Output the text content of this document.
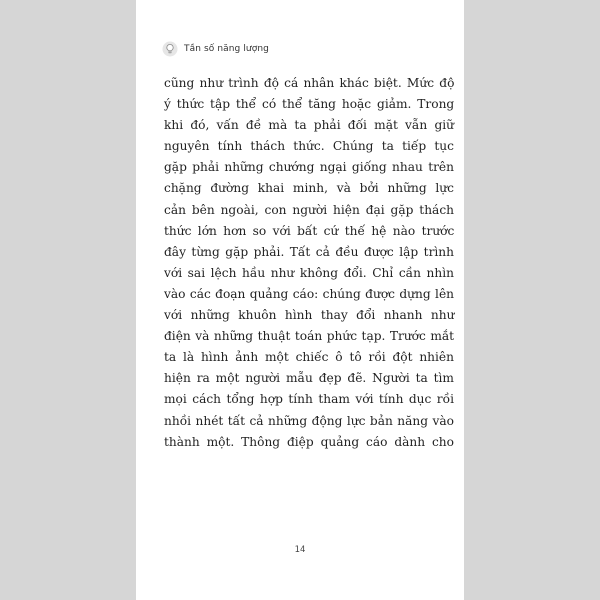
Tần số năng lượng
cũng như trình độ cá nhân khác biệt. Mức độ
ý thức tập thể có thể tăng hoặc giảm. Trong
khi đó, vấn đề mà ta phải đối mặt vẫn giữ
nguyên tính thách thức. Chúng ta tiếp tục
gặp phải những chướng ngại giống nhau trên
chặng đường khai minh, và bởi những lực
cản bên ngoài, con người hiện đại gặp thách
thức lớn hơn so với bất cứ thế hệ nào trước
đây từng gặp phải. Tất cả đều được lập trình
với sai lệch hầu như không đổi. Chỉ cần nhìn
vào các đoạn quảng cáo: chúng được dựng lên
với những khuôn hình thay đổi nhanh như
điện và những thuật toán phức tạp. Trước mắt
ta là hình ảnh một chiếc ô tô rồi đột nhiên
hiện ra một người mẫu đẹp đẽ. Người ta tìm
mọi cách tổng hợp tính tham với tính dục rồi
nhồi nhét tất cả những động lực bản năng vào
thành một. Thông điệp quảng cáo dành cho
14
